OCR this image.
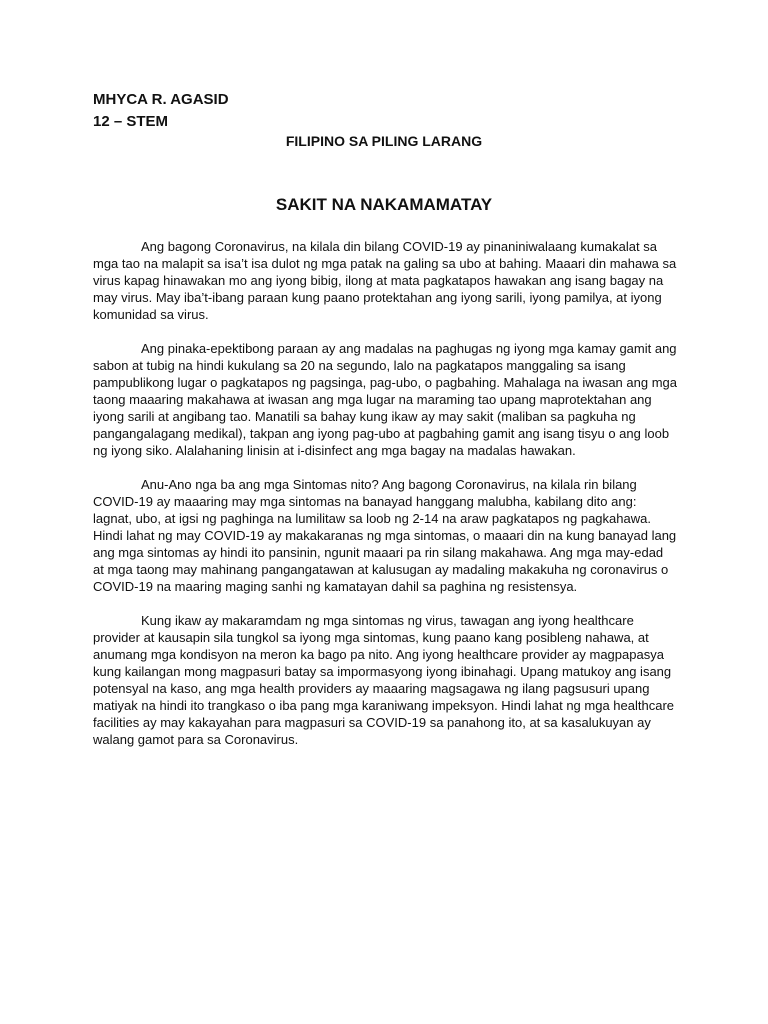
MHYCA R. AGASID
12 – STEM
FILIPINO SA PILING LARANG
SAKIT NA NAKAMAMATAY

Ang bagong Coronavirus, na kilala din bilang COVID-19 ay pinaniniwalaang kumakalat sa mga tao na malapit sa isa’t isa dulot ng mga patak na galing sa ubo at bahing. Maaari din mahawa sa virus kapag hinawakan mo ang iyong bibig, ilong at mata pagkatapos hawakan ang isang bagay na may virus. May iba’t-ibang paraan kung paano protektahan ang iyong sarili, iyong pamilya, at iyong komunidad sa virus.

Ang pinaka-epektibong paraan ay ang madalas na paghugas ng iyong mga kamay gamit ang sabon at tubig na hindi kukulang sa 20 na segundo, lalo na pagkatapos manggaling sa isang pampublikong lugar o pagkatapos ng pagsinga, pag-ubo, o pagbahing. Mahalaga na iwasan ang mga taong maaaring makahawa at iwasan ang mga lugar na maraming tao upang maprotektahan ang iyong sarili at angibang tao. Manatili sa bahay kung ikaw ay may sakit (maliban sa pagkuha ng pangangalagang medikal), takpan ang iyong pag-ubo at pagbahing gamit ang isang tisyu o ang loob ng iyong siko. Alalahaning linisin at i-disinfect ang mga bagay na madalas hawakan.

Anu-Ano nga ba ang mga Sintomas nito? Ang bagong Coronavirus, na kilala rin bilang COVID-19 ay maaaring may mga sintomas na banayad hanggang malubha, kabilang dito ang: lagnat, ubo, at igsi ng paghinga na lumilitaw sa loob ng 2-14 na araw pagkatapos ng pagkahawa. Hindi lahat ng may COVID-19 ay makakaranas ng mga sintomas, o maaari din na kung banayad lang ang mga sintomas ay hindi ito pansinin, ngunit maaari pa rin silang makahawa. Ang mga may-edad at mga taong may mahinang pangangatawan at kalusugan ay madaling makakuha ng coronavirus o COVID-19 na maaring maging sanhi ng kamatayan dahil sa paghina ng resistensya.

Kung ikaw ay makaramdam ng mga sintomas ng virus, tawagan ang iyong healthcare provider at kausapin sila tungkol sa iyong mga sintomas, kung paano kang posibleng nahawa, at anumang mga kondisyon na meron ka bago pa nito. Ang iyong healthcare provider ay magpapasya kung kailangan mong magpasuri batay sa impormasyong iyong ibinahagi. Upang matukoy ang isang potensyal na kaso, ang mga health providers ay maaaring magsagawa ng ilang pagsusuri upang matiyak na hindi ito trangkaso o iba pang mga karaniwang impeksyon. Hindi lahat ng mga healthcare facilities ay may kakayahan para magpasuri sa COVID-19 sa panahong ito, at sa kasalukuyan ay walang gamot para sa Coronavirus.
